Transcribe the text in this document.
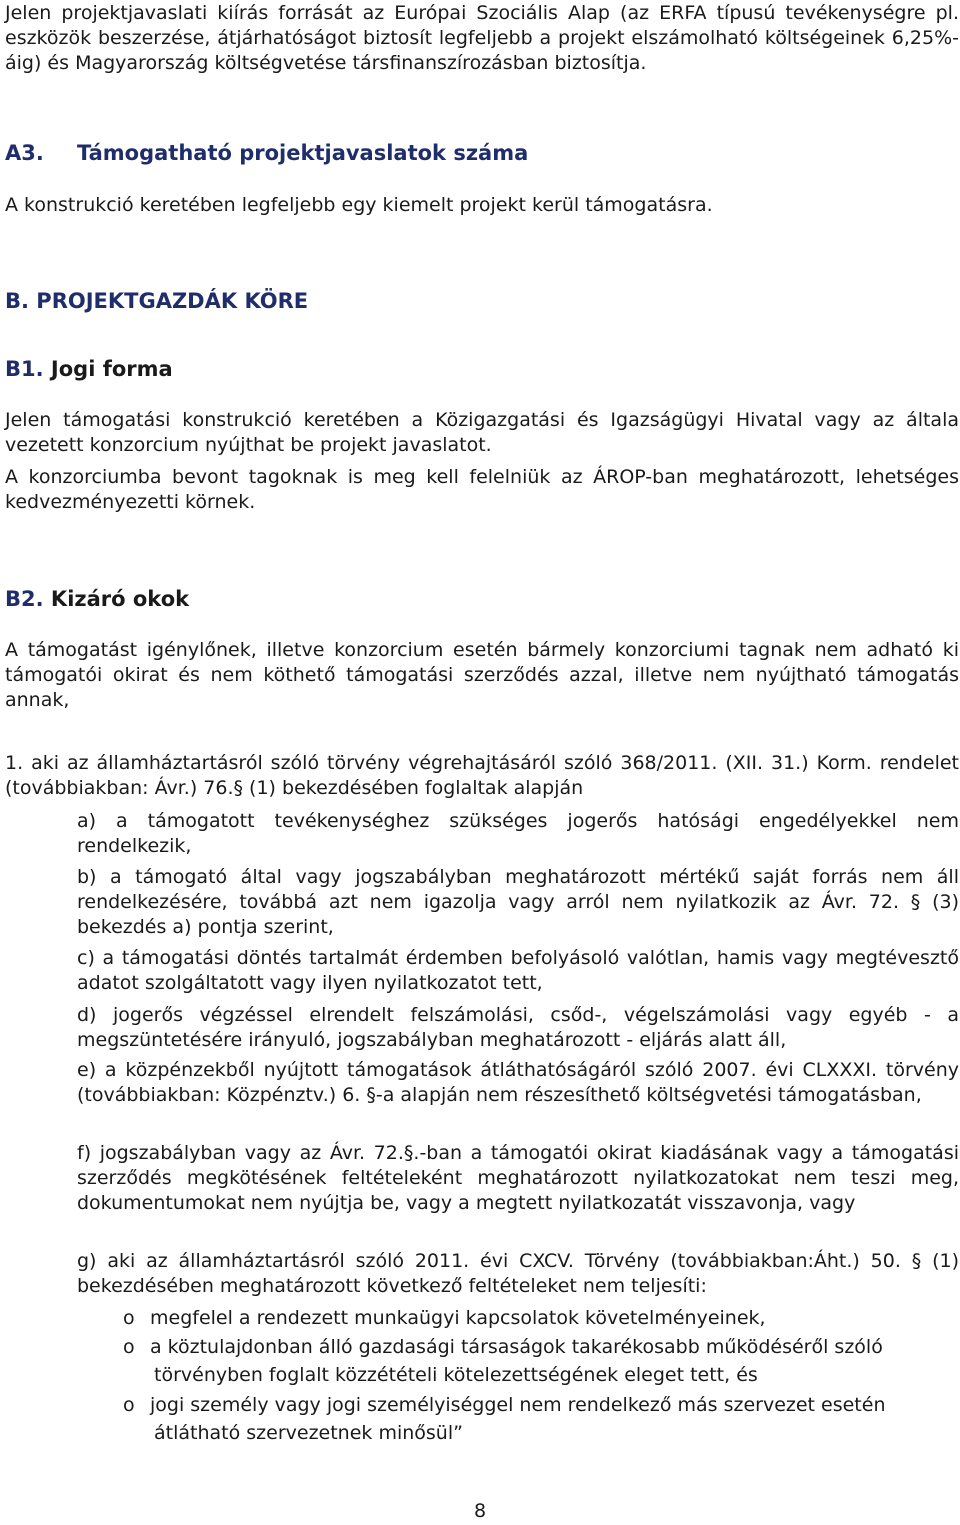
Jelen projektjavaslati kiírás forrását az Európai Szociális Alap (az ERFA típusú tevékenységre pl. eszközök beszerzése, átjárhatóságot biztosít legfeljebb a projekt elszámolható költségeinek 6,25%-áig) és Magyarország költségvetése társfinanszírozásban biztosítja.

A3. Támogatható projektjavaslatok száma

A konstrukció keretében legfeljebb egy kiemelt projekt kerül támogatásra.

B. PROJEKTGAZDÁK KÖRE
B1. Jogi forma

Jelen támogatási konstrukció keretében a Közigazgatási és Igazságügyi Hivatal vagy az általa vezetett konzorcium nyújthat be projekt javaslatot.

A konzorciumba bevont tagoknak is meg kell felelniük az ÁROP-ban meghatározott, lehetséges kedvezményezetti körnek.

B2. Kizáró okok

A támogatást igénylőnek, illetve konzorcium esetén bármely konzorciumi tagnak nem adható ki támogatói okirat és nem köthető támogatási szerződés azzal, illetve nem nyújtható támogatás annak,

1. aki az államháztartásról szóló törvény végrehajtásáról szóló 368/2011. (XII. 31.) Korm. rendelet (továbbiakban: Ávr.) 76.§ (1) bekezdésében foglaltak alapján

a) a támogatott tevékenységhez szükséges jogerős hatósági engedélyekkel nem rendelkezik,

b) a támogató által vagy jogszabályban meghatározott mértékű saját forrás nem áll rendelkezésére, továbbá azt nem igazolja vagy arról nem nyilatkozik az Ávr. 72. § (3) bekezdés a) pontja szerint,

c) a támogatási döntés tartalmát érdemben befolyásoló valótlan, hamis vagy megtévesztő adatot szolgáltatott vagy ilyen nyilatkozatot tett,

d) jogerős végzéssel elrendelt felszámolási, csőd-, végelszámolási vagy egyéb - a megszüntetésére irányuló, jogszabályban meghatározott - eljárás alatt áll,

e) a közpénzekből nyújtott támogatások átláthatóságáról szóló 2007. évi CLXXXI. törvény (továbbiakban: Közpénztv.) 6. §-a alapján nem részesíthető költségvetési támogatásban,

f) jogszabályban vagy az Ávr. 72.§.-ban a támogatói okirat kiadásának vagy a támogatási szerződés megkötésének feltételeként meghatározott nyilatkozatokat nem teszi meg, dokumentumokat nem nyújtja be, vagy a megtett nyilatkozatát visszavonja, vagy

g) aki az államháztartásról szóló 2011. évi CXCV. Törvény (továbbiakban:Áht.) 50. § (1) bekezdésében meghatározott következő feltételeket nem teljesíti:

o megfelel a rendezett munkaügyi kapcsolatok követelményeinek,
o a köztulajdonban álló gazdasági társaságok takarékosabb működéséről szóló
törvényben foglalt közzétételi kötelezettségének eleget tett, és
o jogi személy vagy jogi személyiséggel nem rendelkező más szervezet esetén
átlátható szervezetnek minősül”
8
